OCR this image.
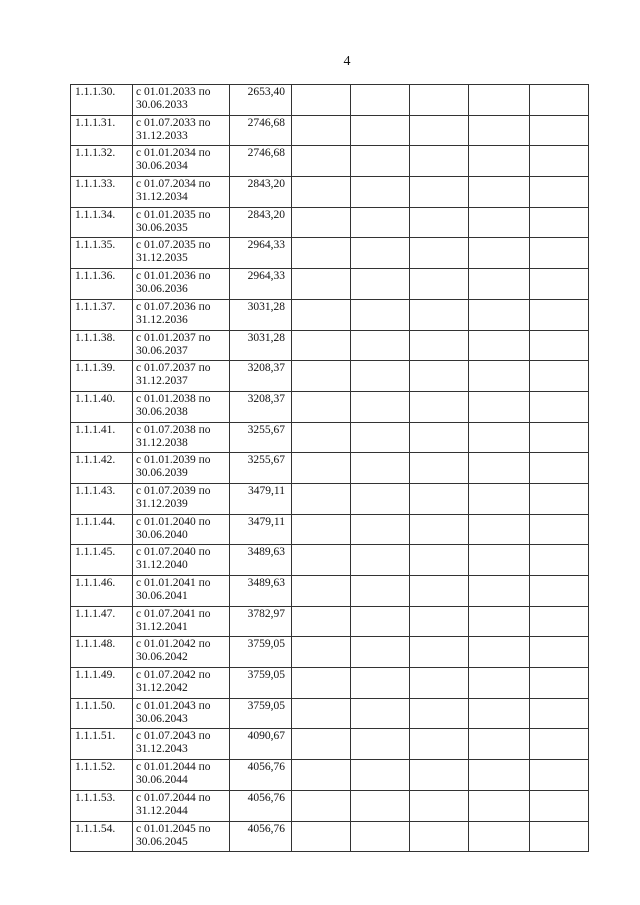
4
1.1.1.30.	с 01.01.2033 по
30.06.2033	2653,40					
1.1.1.31.	с 01.07.2033 по
31.12.2033	2746,68					
1.1.1.32.	с 01.01.2034 по
30.06.2034	2746,68					
1.1.1.33.	с 01.07.2034 по
31.12.2034	2843,20					
1.1.1.34.	с 01.01.2035 по
30.06.2035	2843,20					
1.1.1.35.	с 01.07.2035 по
31.12.2035	2964,33					
1.1.1.36.	с 01.01.2036 по
30.06.2036	2964,33					
1.1.1.37.	с 01.07.2036 по
31.12.2036	3031,28					
1.1.1.38.	с 01.01.2037 по
30.06.2037	3031,28					
1.1.1.39.	с 01.07.2037 по
31.12.2037	3208,37					
1.1.1.40.	с 01.01.2038 по
30.06.2038	3208,37					
1.1.1.41.	с 01.07.2038 по
31.12.2038	3255,67					
1.1.1.42.	с 01.01.2039 по
30.06.2039	3255,67					
1.1.1.43.	с 01.07.2039 по
31.12.2039	3479,11					
1.1.1.44.	с 01.01.2040 по
30.06.2040	3479,11					
1.1.1.45.	с 01.07.2040 по
31.12.2040	3489,63					
1.1.1.46.	с 01.01.2041 по
30.06.2041	3489,63					
1.1.1.47.	с 01.07.2041 по
31.12.2041	3782,97					
1.1.1.48.	с 01.01.2042 по
30.06.2042	3759,05					
1.1.1.49.	с 01.07.2042 по
31.12.2042	3759,05					
1.1.1.50.	с 01.01.2043 по
30.06.2043	3759,05					
1.1.1.51.	с 01.07.2043 по
31.12.2043	4090,67					
1.1.1.52.	с 01.01.2044 по
30.06.2044	4056,76					
1.1.1.53.	с 01.07.2044 по
31.12.2044	4056,76					
1.1.1.54.	с 01.01.2045 по
30.06.2045	4056,76					
